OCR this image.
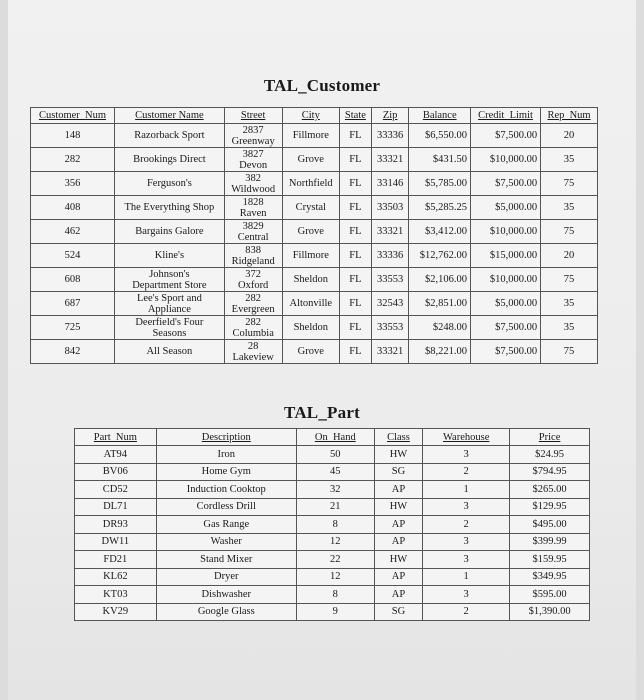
TAL_Customer
Customer_Num	Customer Name	Street	City	State	Zip	Balance	Credit_Limit	Rep_Num
148	Razorback Sport	2837
Greenway	Fillmore	FL	33336	$6,550.00	$7,500.00	20
282	Brookings Direct	3827
Devon	Grove	FL	33321	$431.50	$10,000.00	35
356	Ferguson's	382
Wildwood	Northfield	FL	33146	$5,785.00	$7,500.00	75
408	The Everything Shop	1828
Raven	Crystal	FL	33503	$5,285.25	$5,000.00	35
462	Bargains Galore	3829
Central	Grove	FL	33321	$3,412.00	$10,000.00	75
524	Kline's	838
Ridgeland	Fillmore	FL	33336	$12,762.00	$15,000.00	20
608	Johnson's
Department Store	372
Oxford	Sheldon	FL	33553	$2,106.00	$10,000.00	75
687	Lee's Sport and
Appliance	282
Evergreen	Altonville	FL	32543	$2,851.00	$5,000.00	35
725	Deerfield's Four
Seasons	282
Columbia	Sheldon	FL	33553	$248.00	$7,500.00	35
842	All Season	28
Lakeview	Grove	FL	33321	$8,221.00	$7,500.00	75
TAL_Part
Part_Num	Description	On_Hand	Class	Warehouse	Price
AT94	Iron	50	HW	3	$24.95
BV06	Home Gym	45	SG	2	$794.95
CD52	Induction Cooktop	32	AP	1	$265.00
DL71	Cordless Drill	21	HW	3	$129.95
DR93	Gas Range	8	AP	2	$495.00
DW11	Washer	12	AP	3	$399.99
FD21	Stand Mixer	22	HW	3	$159.95
KL62	Dryer	12	AP	1	$349.95
KT03	Dishwasher	8	AP	3	$595.00
KV29	Google Glass	9	SG	2	$1,390.00
